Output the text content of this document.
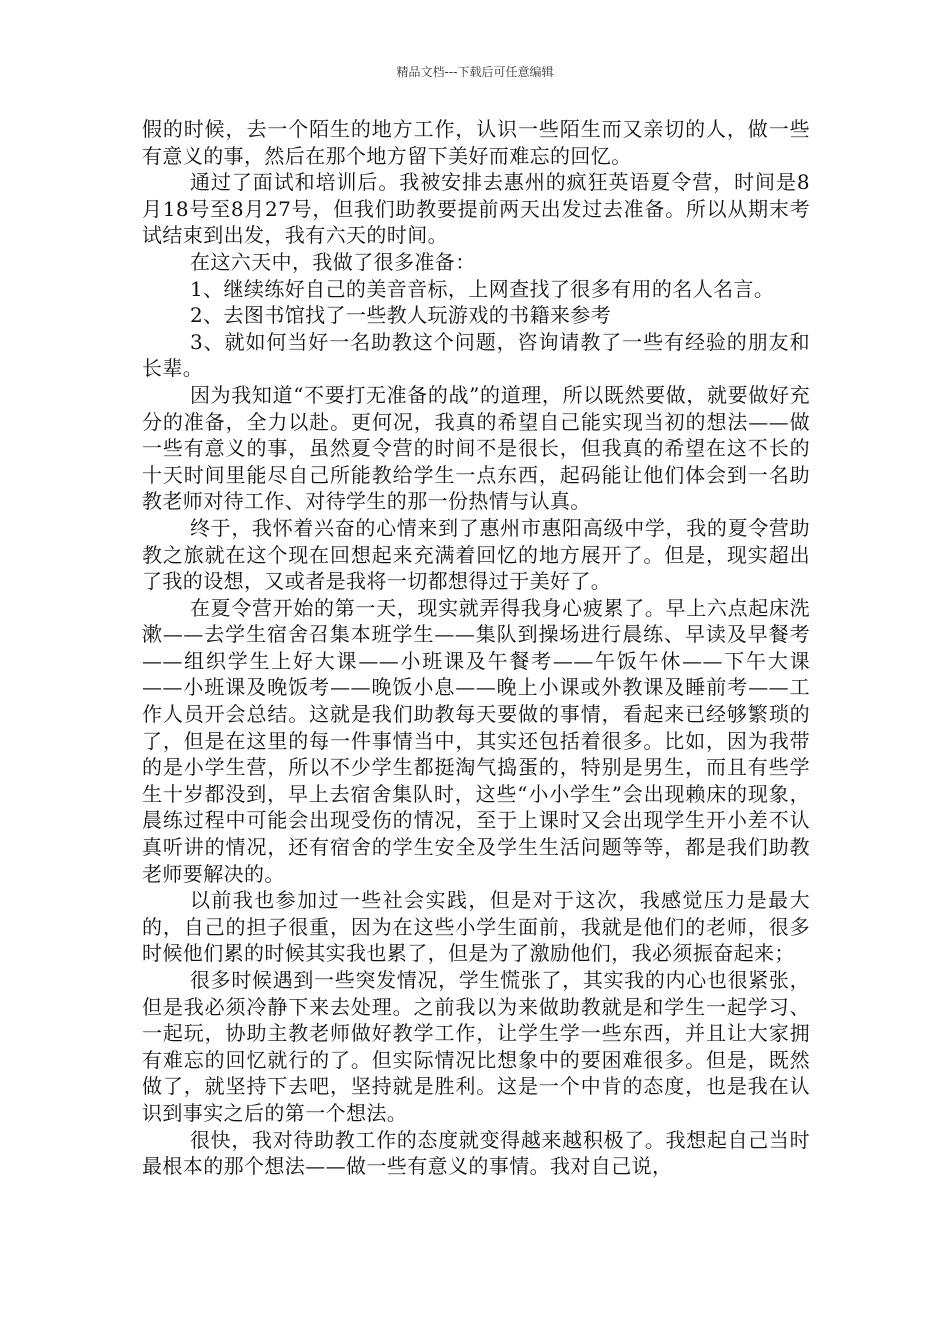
精品文档---下载后可任意编辑

假的时候，去一个陌生的地方工作，认识一些陌生而又亲切的人，做一些有意义的事，然后在那个地方留下美好而难忘的回忆。

通过了面试和培训后。我被安排去惠州的疯狂英语夏令营，时间是8月18号至8月27号，但我们助教要提前两天出发过去准备。所以从期末考试结束到出发，我有六天的时间。

在这六天中，我做了很多准备：

1、继续练好自己的美音音标，上网查找了很多有用的名人名言。

2、去图书馆找了一些教人玩游戏的书籍来参考

3、就如何当好一名助教这个问题，咨询请教了一些有经验的朋友和长辈。

因为我知道“不要打无准备的战”的道理，所以既然要做，就要做好充分的准备，全力以赴。更何况，我真的希望自己能实现当初的想法——做一些有意义的事，虽然夏令营的时间不是很长，但我真的希望在这不长的十天时间里能尽自己所能教给学生一点东西，起码能让他们体会到一名助教老师对待工作、对待学生的那一份热情与认真。

终于，我怀着兴奋的心情来到了惠州市惠阳高级中学，我的夏令营助教之旅就在这个现在回想起来充满着回忆的地方展开了。但是，现实超出了我的设想，又或者是我将一切都想得过于美好了。

在夏令营开始的第一天，现实就弄得我身心疲累了。早上六点起床洗漱——去学生宿舍召集本班学生——集队到操场进行晨练、早读及早餐考——组织学生上好大课——小班课及午餐考——午饭午休——下午大课——小班课及晚饭考——晚饭小息——晚上小课或外教课及睡前考——工作人员开会总结。这就是我们助教每天要做的事情，看起来已经够繁琐的了，但是在这里的每一件事情当中，其实还包括着很多。比如，因为我带的是小学生营，所以不少学生都挺淘气捣蛋的，特别是男生，而且有些学生十岁都没到，早上去宿舍集队时，这些“小小学生”会出现赖床的现象，晨练过程中可能会出现受伤的情况，至于上课时又会出现学生开小差不认真听讲的情况，还有宿舍的学生安全及学生生活问题等等，都是我们助教老师要解决的。

以前我也参加过一些社会实践，但是对于这次，我感觉压力是最大的，自己的担子很重，因为在这些小学生面前，我就是他们的老师，很多时候他们累的时候其实我也累了，但是为了激励他们，我必须振奋起来；

很多时候遇到一些突发情况，学生慌张了，其实我的内心也很紧张，但是我必须冷静下来去处理。之前我以为来做助教就是和学生一起学习、一起玩，协助主教老师做好教学工作，让学生学一些东西，并且让大家拥有难忘的回忆就行的了。但实际情况比想象中的要困难很多。但是，既然做了，就坚持下去吧，坚持就是胜利。这是一个中肯的态度，也是我在认识到事实之后的第一个想法。

很快，我对待助教工作的态度就变得越来越积极了。我想起自己当时最根本的那个想法——做一些有意义的事情。我对自己说，
